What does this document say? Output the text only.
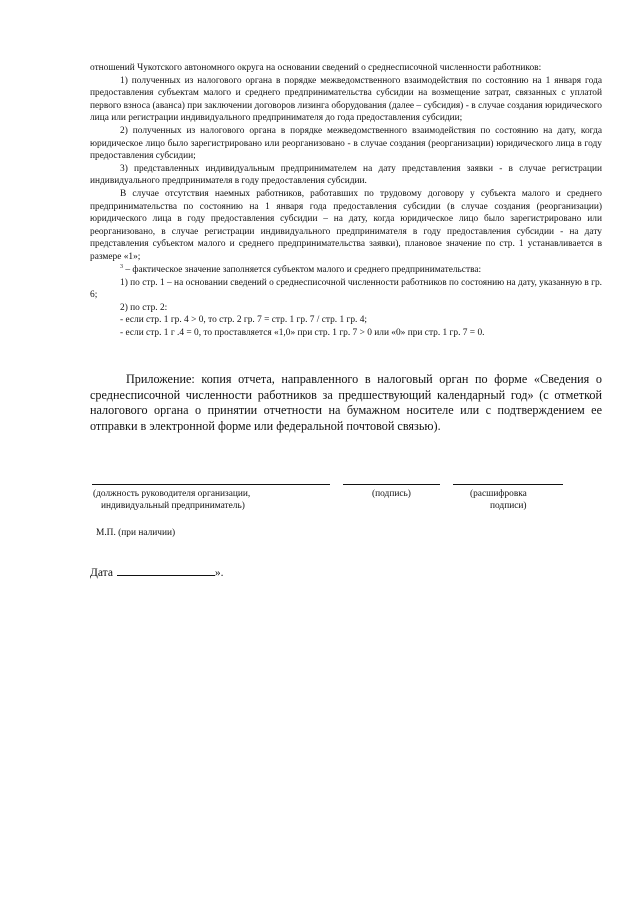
отношений Чукотского автономного округа на основании сведений о среднесписочной численности работников:

1) полученных из налогового органа в порядке межведомственного взаимодействия по состоянию на 1 января года предоставления субъектам малого и среднего предпринимательства субсидии на возмещение затрат, связанных с уплатой первого взноса (аванса) при заключении договоров лизинга оборудования (далее – субсидия) - в случае создания юридического лица или регистрации индивидуального предпринимателя до года предоставления субсидии;

2) полученных из налогового органа в порядке межведомственного взаимодействия по состоянию на дату, когда юридическое лицо было зарегистрировано или реорганизовано - в случае создания (реорганизации) юридического лица в году предоставления субсидии;

3) представленных индивидуальным предпринимателем на дату представления заявки - в случае регистрации индивидуального предпринимателя в году предоставления субсидии.

В случае отсутствия наемных работников, работавших по трудовому договору у субъекта малого и среднего предпринимательства по состоянию на 1 января года предоставления субсидии (в случае создания (реорганизации) юридического лица в году предоставления субсидии – на дату, когда юридическое лицо было зарегистрировано или реорганизовано, в случае регистрации индивидуального предпринимателя в году предоставления субсидии - на дату представления субъектом малого и среднего предпринимательства заявки), плановое значение по стр. 1 устанавливается в размере «1»;

$^3$ – фактическое значение заполняется субъектом малого и среднего предпринимательства:

1) по стр. 1 – на основании сведений о среднесписочной численности работников по состоянию на дату, указанную в гр. 6;

2) по стр. 2:

- если стр. 1 гр. 4 > 0, то стр. 2 гр. 7 = стр. 1 гр. 7 / стр. 1 гр. 4;

- если стр. 1 г .4 = 0, то проставляется «1,0» при стр. 1 гр. 7 > 0 или «0» при стр. 1 гр. 7 = 0.

Приложение: копия отчета, направленного в налоговый орган по форме «Сведения о среднесписочной численности работников за предшествующий календарный год» (с отметкой налогового органа о принятии отчетности на бумажном носителе или с подтверждением ее отправки в электронной форме или федеральной почтовой связью).
(должность руководителя организации,
индивидуальный предприниматель)
(подпись)	(расшифровка
подписи)
М.П. (при наличии)
Дата	».
